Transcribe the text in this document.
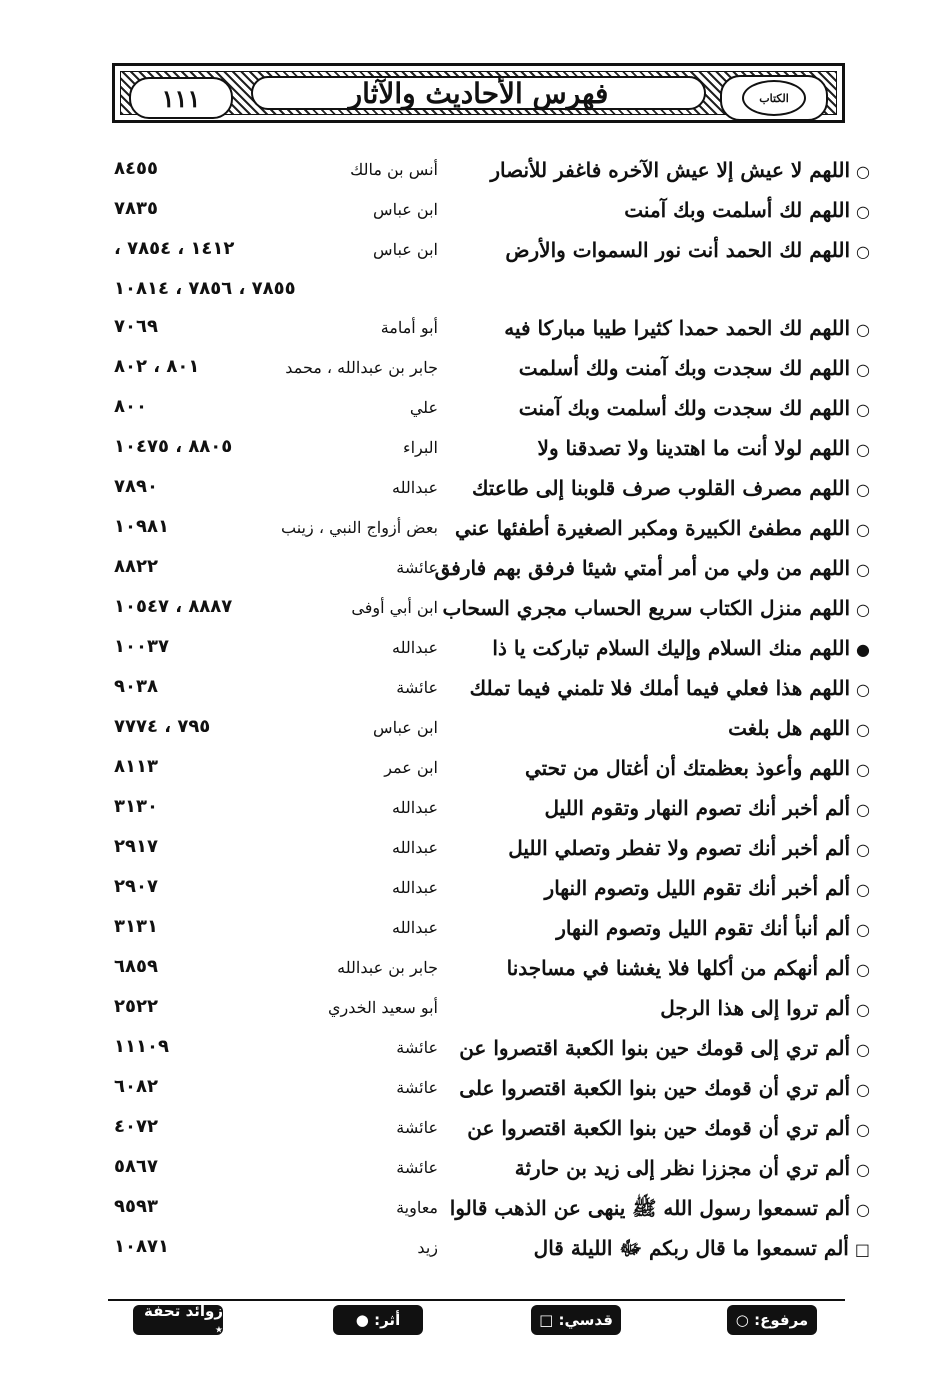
١١١	فهرس الأحاديث والآثار	الكتاب
○اللهم لا عيش إلا عيش الآخره فاغفر للأنصار
أنس بن مالك
٨٤٥٥
○اللهم لك أسلمت وبك آمنت
ابن عباس
٧٨٣٥
○اللهم لك الحمد أنت نور السموات والأرض
ابن عباس
١٤١٢ ، ٧٨٥٤ ،
٧٨٥٥ ، ٧٨٥٦ ، ١٠٨١٤
○اللهم لك الحمد حمدا كثيرا طيبا مباركا فيه
أبو أمامة
٧٠٦٩
○اللهم لك سجدت وبك آمنت ولك أسلمت
جابر بن عبدالله ، محمد
٨٠١ ، ٨٠٢
○اللهم لك سجدت ولك أسلمت وبك آمنت
علي
٨٠٠
○اللهم لولا أنت ما اهتدينا ولا تصدقنا ولا
البراء
٨٨٠٥ ، ١٠٤٧٥
○اللهم مصرف القلوب صرف قلوبنا إلى طاعتك
عبدالله
٧٨٩٠
○اللهم مطفئ الكبيرة ومكبر الصغيرة أطفئها عني
بعض أزواج النبي ، زينب
١٠٩٨١
○اللهم من ولي من أمر أمتي شيئا فرفق بهم فارفق
عائشة
٨٨٢٢
○اللهم منزل الكتاب سريع الحساب مجري السحاب
ابن أبي أوفى
٨٨٨٧ ، ١٠٥٤٧
●اللهم منك السلام وإليك السلام تباركت يا ذا
عبدالله
١٠٠٣٧
○اللهم هذا فعلي فيما أملك فلا تلمني فيما تملك
عائشة
٩٠٣٨
○اللهم هل بلغت
ابن عباس
٧٩٥ ، ٧٧٧٤
○اللهم وأعوذ بعظمتك أن أغتال من تحتي
ابن عمر
٨١١٣
○ألم أخبر أنك تصوم النهار وتقوم الليل
عبدالله
٣١٣٠
○ألم أخبر أنك تصوم ولا تفطر وتصلي الليل
عبدالله
٢٩١٧
○ألم أخبر أنك تقوم الليل وتصوم النهار
عبدالله
٢٩٠٧
○ألم أنبأ أنك تقوم الليل وتصوم النهار
عبدالله
٣١٣١
○ألم أنهكم من أكلها فلا يغشنا في مساجدنا
جابر بن عبدالله
٦٨٥٩
○ألم تروا إلى هذا الرجل
أبو سعيد الخدري
٢٥٢٢
○ألم تري إلى قومك حين بنوا الكعبة اقتصروا عن
عائشة
١١١٠٩
○ألم تري أن قومك حين بنوا الكعبة اقتصروا على
عائشة
٦٠٨٢
○ألم تري أن قومك حين بنوا الكعبة اقتصروا عن
عائشة
٤٠٧٢
○ألم تري أن مجززا نظر إلى زيد بن حارثة
عائشة
٥٨٦٧
○ألم تسمعوا رسول الله ﷺ ينهى عن الذهب قالوا
معاوية
٩٥٩٣
□ألم تسمعوا ما قال ربكم ﷻ الليلة قال
زيد
١٠٨٧١
مرفوع: ○
قدسي: □
أثر: ●
زوائد تحفة ٭
